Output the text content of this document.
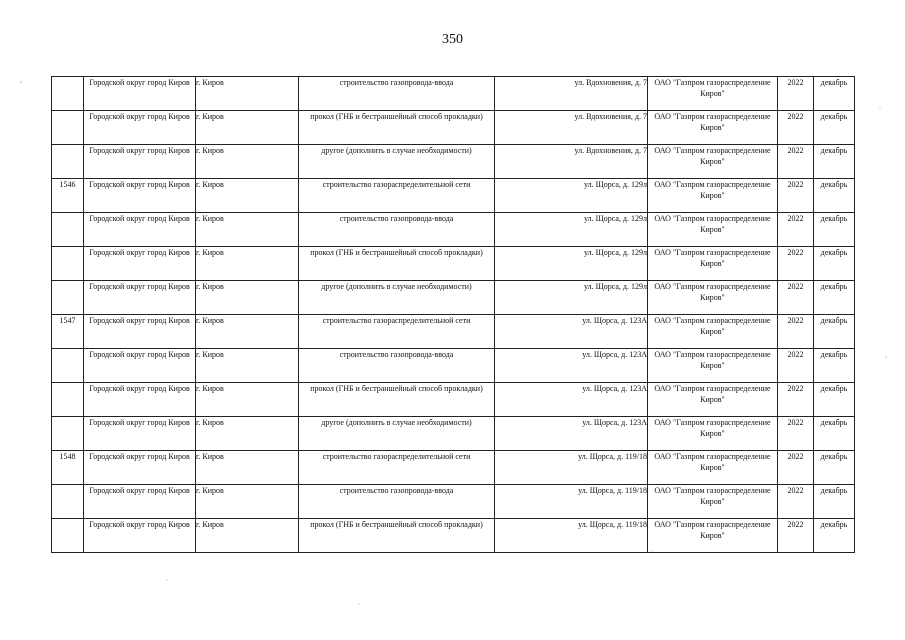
350
	Городской округ город Киров	г. Киров	строительство газопровода-ввода	ул. Вдохновения, д. 7	ОАО "Газпром газораспределение Киров"	2022	декабрь
	Городской округ город Киров	г. Киров	прокол (ГНБ и бестраншейный способ прокладки)	ул. Вдохновения, д. 7	ОАО "Газпром газораспределение Киров"	2022	декабрь
	Городской округ город Киров	г. Киров	другое (дополнить в случае необходимости)	ул. Вдохновения, д. 7	ОАО "Газпром газораспределение Киров"	2022	декабрь
1546	Городской округ город Киров	г. Киров	строительство газораспределительной сети	ул. Щорса, д. 129л	ОАО "Газпром газораспределение Киров"	2022	декабрь
	Городской округ город Киров	г. Киров	строительство газопровода-ввода	ул. Щорса, д. 129л	ОАО "Газпром газораспределение Киров"	2022	декабрь
	Городской округ город Киров	г. Киров	прокол (ГНБ и бестраншейный способ прокладки)	ул. Щорса, д. 129л	ОАО "Газпром газораспределение Киров"	2022	декабрь
	Городской округ город Киров	г. Киров	другое (дополнить в случае необходимости)	ул. Щорса, д. 129л	ОАО "Газпром газораспределение Киров"	2022	декабрь
1547	Городской округ город Киров	г. Киров	строительство газораспределительной сети	ул. Щорса, д. 123А	ОАО "Газпром газораспределение Киров"	2022	декабрь
	Городской округ город Киров	г. Киров	строительство газопровода-ввода	ул. Щорса, д. 123А	ОАО "Газпром газораспределение Киров"	2022	декабрь
	Городской округ город Киров	г. Киров	прокол (ГНБ и бестраншейный способ прокладки)	ул. Щорса, д. 123А	ОАО "Газпром газораспределение Киров"	2022	декабрь
	Городской округ город Киров	г. Киров	другое (дополнить в случае необходимости)	ул. Щорса, д. 123А	ОАО "Газпром газораспределение Киров"	2022	декабрь
1548	Городской округ город Киров	г. Киров	строительство газораспределительной сети	ул. Щорса, д. 119/18	ОАО "Газпром газораспределение Киров"	2022	декабрь
	Городской округ город Киров	г. Киров	строительство газопровода-ввода	ул. Щорса, д. 119/18	ОАО "Газпром газораспределение Киров"	2022	декабрь
	Городской округ город Киров	г. Киров	прокол (ГНБ и бестраншейный способ прокладки)	ул. Щорса, д. 119/18	ОАО "Газпром газораспределение Киров"	2022	декабрь
